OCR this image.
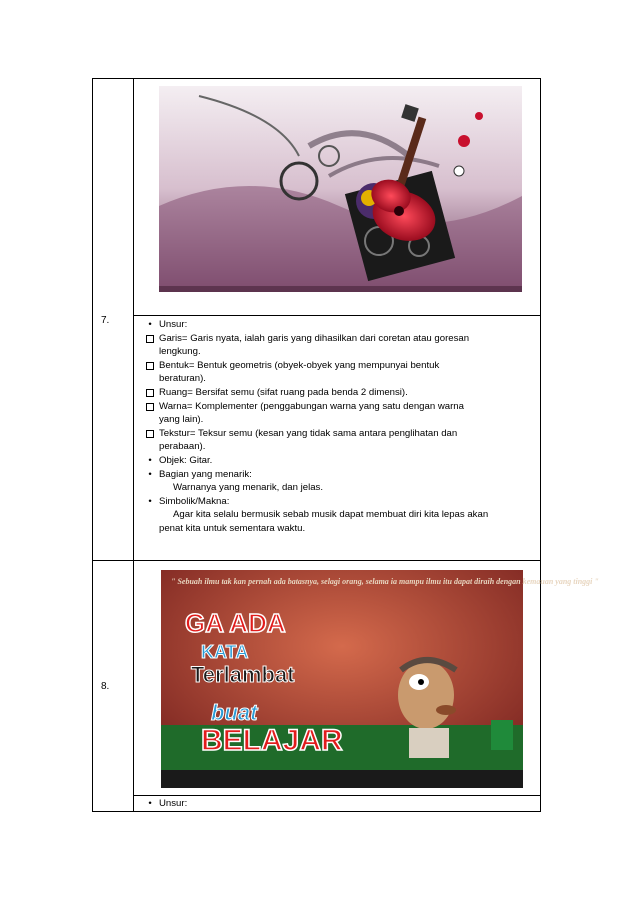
7.
8.
• Unsur:
Garis= Garis nyata, ialah garis yang dihasilkan dari coretan atau goresan
lengkung.
Bentuk= Bentuk geometris (obyek-obyek yang mempunyai bentuk
beraturan).
Ruang= Bersifat semu (sifat ruang pada benda 2 dimensi).
Warna= Komplementer (penggabungan warna yang satu dengan warna
yang lain).
Tekstur= Teksur semu (kesan yang tidak sama antara penglihatan dan
perabaan).
• Objek: Gitar.
• Bagian yang menarik:
Warnanya yang menarik, dan jelas.
• Simbolik/Makna:
Agar kita selalu bermusik sebab musik dapat membuat diri kita lepas akan
penat kita untuk sementara waktu.
" Sebuah ilmu tak kan pernah ada batasnya, selagi orang, selama ia mampu ilmu itu dapat diraih dengan kemauan yang tinggi "
GA ADA
KATA
Terlambat
buat
BELAJAR
• Unsur:
